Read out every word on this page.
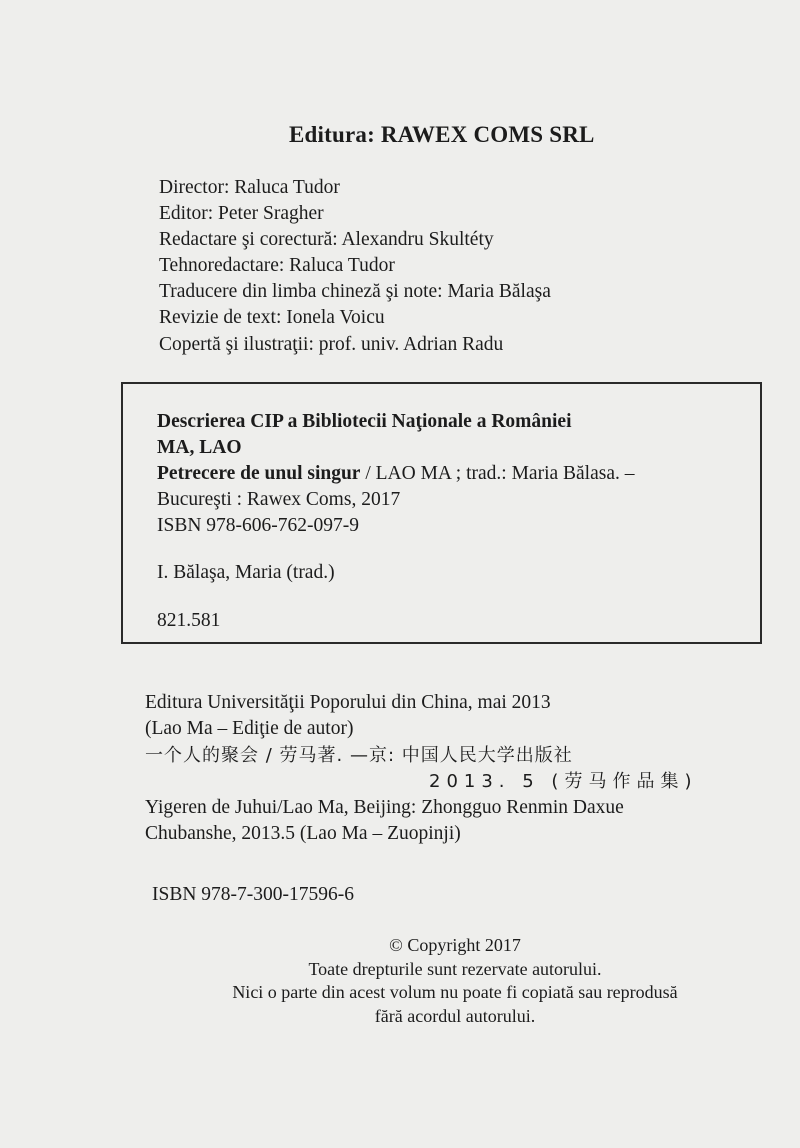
Editura: RAWEX COMS SRL
Director: Raluca Tudor
Editor: Peter Sragher
Redactare şi corectură: Alexandru Skultéty
Tehnoredactare: Raluca Tudor
Traducere din limba chineză şi note: Maria Bălaşa
Revizie de text: Ionela Voicu
Copertă şi ilustraţii: prof. univ. Adrian Radu
Descrierea CIP a Bibliotecii Naţionale a României
MA, LAO
Petrecere de unul singur / LAO MA ; trad.: Maria Bălasa. –
Bucureşti : Rawex Coms, 2017
ISBN 978-606-762-097-9
I. Bălaşa, Maria (trad.)
821.581
Editura Universităţii Poporului din China, mai 2013
(Lao Ma – Ediţie de autor)
一个人的聚会 / 劳马著. —京: 中国人民大学出版社
2013. 5 (劳马作品集)
Yigeren de Juhui/Lao Ma, Beijing: Zhongguo Renmin Daxue
Chubanshe, 2013.5 (Lao Ma – Zuopinji)
ISBN 978-7-300-17596-6
© Copyright 2017
Toate drepturile sunt rezervate autorului.
Nici o parte din acest volum nu poate fi copiată sau reprodusă
fără acordul autorului.
